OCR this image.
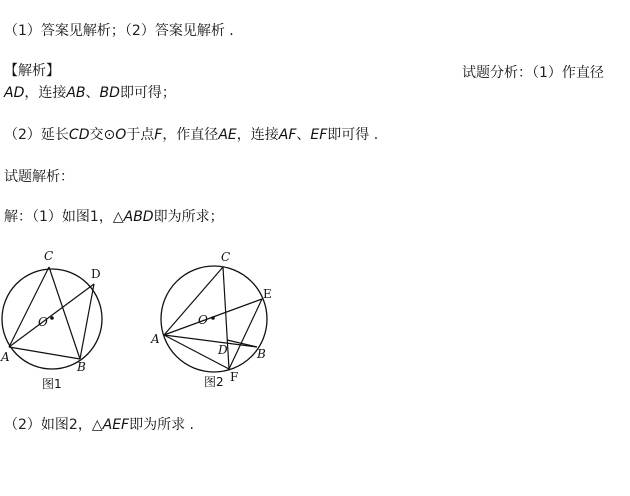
（1）答案见解析；（2）答案见解析 .
【解析】	试题分析：（1）作直径
AD，连接AB、BD即可得；
（2）延长CD交⊙O于点F，作直径AE，连接AF、EF即可得 .
试题解析：
解：（1）如图1，△ABD即为所求；
C
D
O
A
B
图1
C
E
O
A
D B
F
图2
（2）如图2，△AEF即为所求 .
